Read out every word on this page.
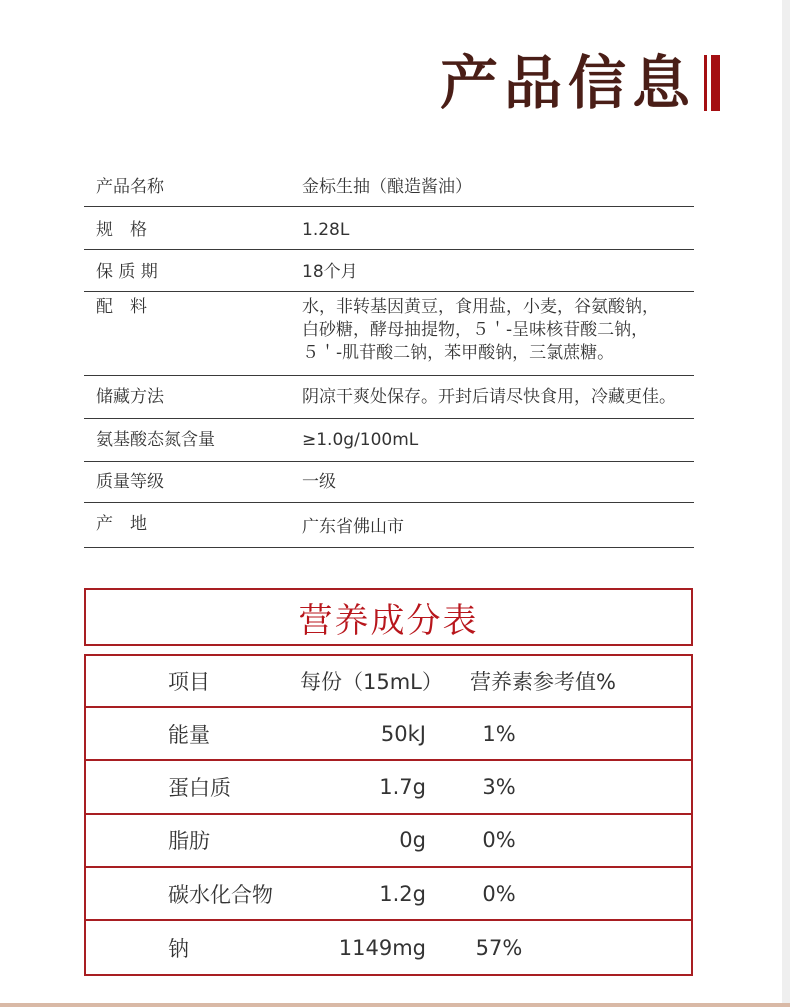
产品信息
产品名称	金标生抽（酿造酱油）
规　格	1.28L
保 质 期	18个月
配　料	水，非转基因黄豆，食用盐，小麦，谷氨酸钠，
白砂糖，酵母抽提物，５＇-呈味核苷酸二钠，
５＇-肌苷酸二钠，苯甲酸钠，三氯蔗糖。
储藏方法	阴凉干爽处保存。开封后请尽快食用，冷藏更佳。
氨基酸态氮含量	≥1.0g/100mL
质量等级	一级
产　地	广东省佛山市
营养成分表
项目	每份（15mL）	营养素参考值%
能量	50kJ	1%
蛋白质	1.7g	3%
脂肪	0g	0%
碳水化合物	1.2g	0%
钠	1149mg	57%
